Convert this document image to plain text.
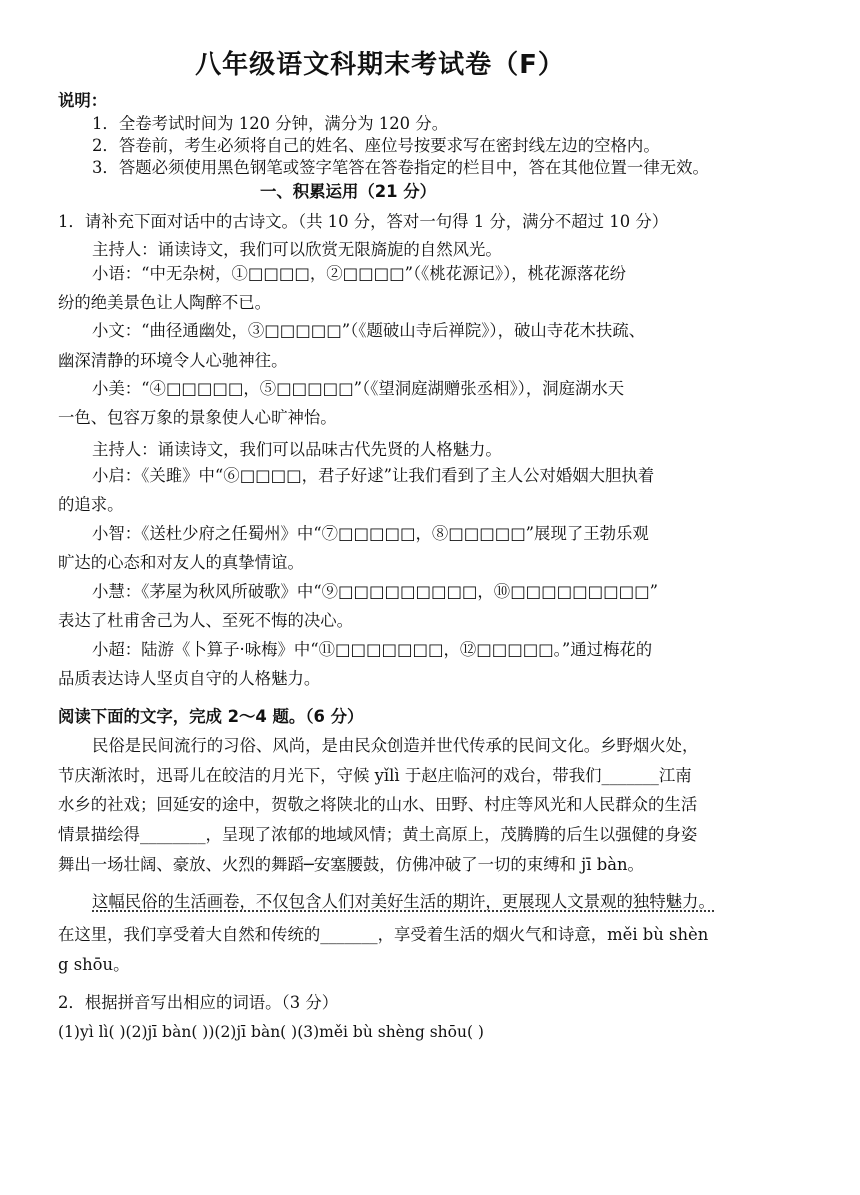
八年级语文科期末考试卷（F）
说明：
1．全卷考试时间为 120 分钟，满分为 120 分。
2．答卷前，考生必须将自己的姓名、座位号按要求写在密封线左边的空格内。
3．答题必须使用黑色钢笔或签字笔答在答卷指定的栏目中，答在其他位置一律无效。
一、积累运用（21 分）
1．请补充下面对话中的古诗文。（共 10 分，答对一句得 1 分，满分不超过 10 分）
主持人：诵读诗文，我们可以欣赏无限旖旎的自然风光。
小语：“中无杂树，①□□□□，②□□□□”（《桃花源记》），桃花源落花纷
纷的绝美景色让人陶醉不已。
小文：“曲径通幽处，③□□□□□”（《题破山寺后禅院》），破山寺花木扶疏、
幽深清静的环境令人心驰神往。
小美：“④□□□□□，⑤□□□□□”（《望洞庭湖赠张丞相》），洞庭湖水天
一色、包容万象的景象使人心旷神怡。
主持人：诵读诗文，我们可以品味古代先贤的人格魅力。
小启：《关雎》中“⑥□□□□，君子好逑”让我们看到了主人公对婚姻大胆执着
的追求。
小智：《送杜少府之任蜀州》中“⑦□□□□□，⑧□□□□□”展现了王勃乐观
旷达的心态和对友人的真挚情谊。
小慧：《茅屋为秋风所破歌》中“⑨□□□□□□□□□，⑩□□□□□□□□□”
表达了杜甫舍己为人、至死不悔的决心。
小超：陆游《卜算子·咏梅》中“⑪□□□□□□□，⑫□□□□□。”通过梅花的
品质表达诗人坚贞自守的人格魅力。
阅读下面的文字，完成 2～4 题。（6 分）
民俗是民间流行的习俗、风尚，是由民众创造并世代传承的民间文化。乡野烟火处，
节庆渐浓时，迅哥儿在皎洁的月光下，守候 yǐlì 于赵庄临河的戏台，带我们_______江南
水乡的社戏；回延安的途中，贺敬之将陕北的山水、田野、村庄等风光和人民群众的生活
情景描绘得________，呈现了浓郁的地域风情；黄土高原上，茂腾腾的后生以强健的身姿
舞出一场壮阔、豪放、火烈的舞蹈─安塞腰鼓，仿佛冲破了一切的束缚和 jī bàn。
这幅民俗的生活画卷，不仅包含人们对美好生活的期许，更展现人文景观的独特魅力。
在这里，我们享受着大自然和传统的_______，享受着生活的烟火气和诗意，měi bù shèn
g shōu。
2．根据拼音写出相应的词语。（3 分）
(1)yì lì( )(2)jī bàn( ))(2)jī bàn( )(3)měi bù shèng shōu( )
